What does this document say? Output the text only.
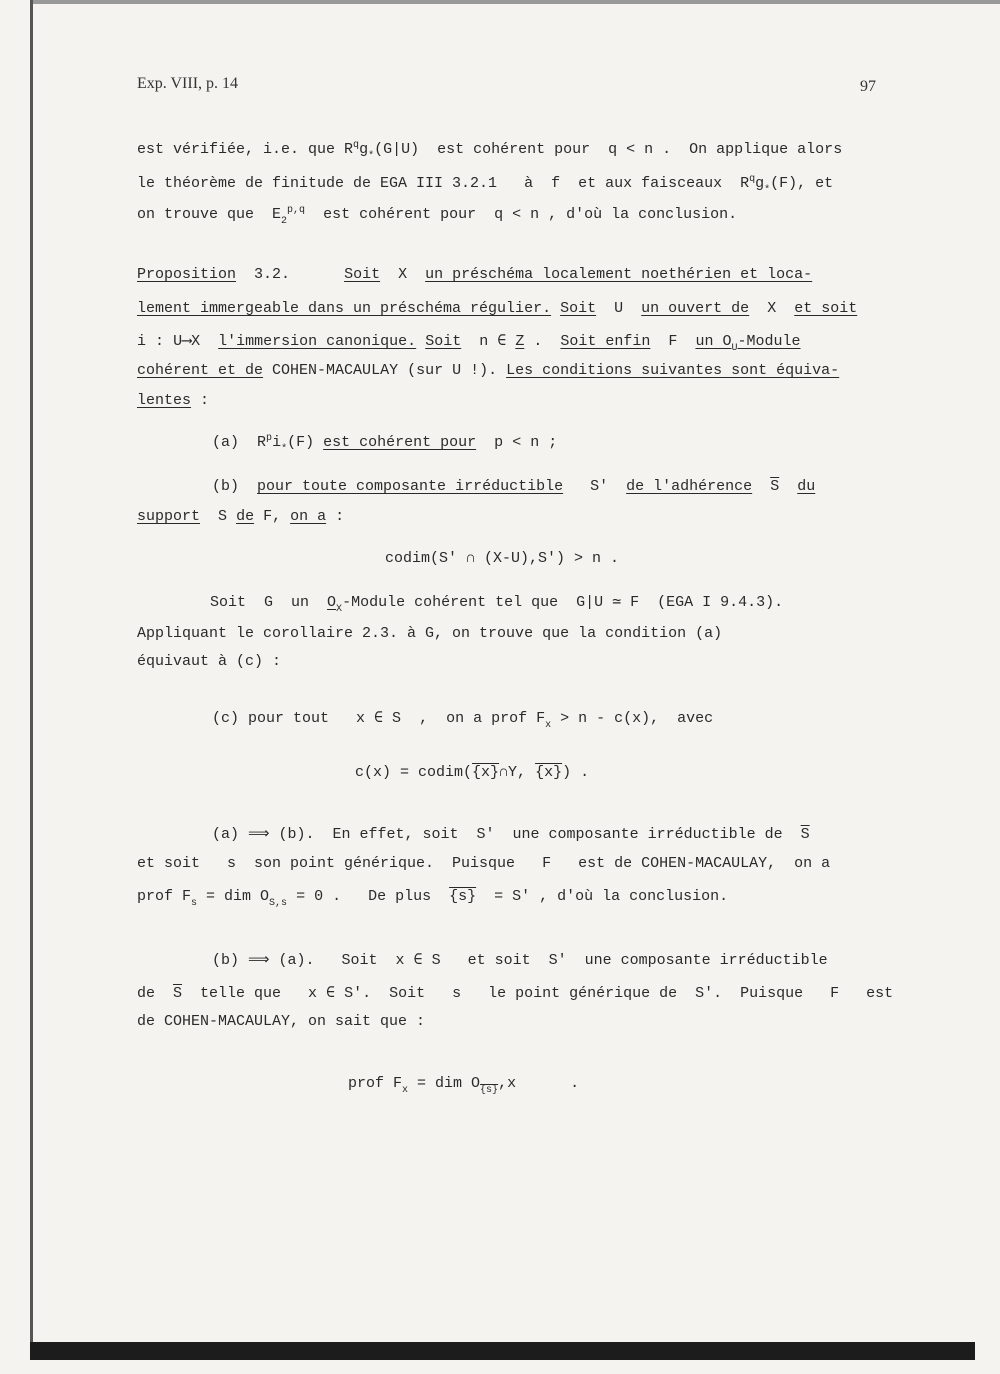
Exp. VIII, p. 14	97
est vérifiée, i.e. que $R^qg_*(G|U)$  est cohérent pour  q < n .  On applique alors
le théorème de finitude de EGA III 3.2.1   à  f  et aux faisceaux  $R^qg_*(F)$, et
on trouve que  $E_2^{p,q}$  est cohérent pour  q < n , d'où la conclusion.
Proposition  3.2.      Soit X un préschéma localement noethérien et loca-
lement immergeable dans un préschéma régulier. Soit U un ouvert de X et soit
i : U⟶X l'immersion canonique. Soit n ∈ Z . Soit enfin F un $O_U$-Module
cohérent et de COHEN-MACAULAY (sur U !). Les conditions suivantes sont équiva-
lentes :
(a) $R^pi_*(F)$ est cohérent pour p < n ;
(b) pour toute composante irréductible S' de l'adhérence $\overline{S}$ du
support S de F, on a :
codim(S' ∩ (X-U),S') > n .
Soit  G  un  $O_X$-Module cohérent tel que  G|U ≃ F  (EGA I 9.4.3).
Appliquant le corollaire 2.3. à G, on trouve que la condition (a)
équivaut à (c) :
(c) pour tout   x ∈ S  ,  on a prof $F_x > n - c(x)$,  avec
c(x) = codim({x}∩Y, {x}) .
(a) ⟹ (b).  En effet, soit  S'  une composante irréductible de  $\overline{S}$
et soit   s  son point générique.  Puisque   F   est de COHEN-MACAULAY,  on a
prof $F_s$ = dim $O_{S,s} = 0$ .   De plus  {s}  = S' , d'où la conclusion.
(b) ⟹ (a).   Soit  x ∈ S   et soit  S'  une composante irréductible
de  $\overline{S}$  telle que   x ∈ S'.  Soit   s   le point générique de  S'.  Puisque   F   est
de COHEN-MACAULAY, on sait que :
prof $F_x$ = dim $O_{\{s\}},x$      .
